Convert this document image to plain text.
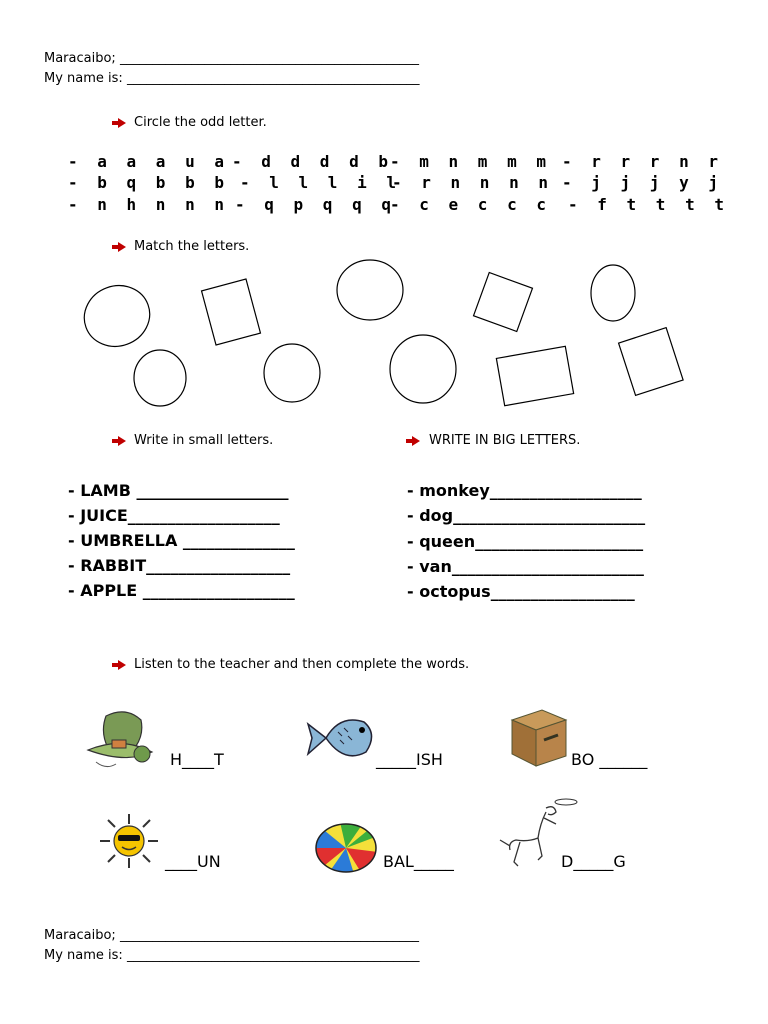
Maracaibo; ______________________________________________
My name is: _____________________________________________
Circle the odd letter.
- a a a u a - d d d d b
- m n m m m - r r r n r
- b q b b b - l l l i l
- r n n n n - j j j y j
- n h n n n - q p q q q
- c e c c c - f t t t t
Match the letters.
Write in small letters.	WRITE IN BIG LETTERS.
- LAMB ___________________
- JUICE___________________
- UMBRELLA ______________
- RABBIT__________________
- APPLE ___________________
- monkey___________________
- dog________________________
- queen_____________________
- van________________________
- octopus__________________
Listen to the teacher and then complete the words.
H____T	_____ISH	BO ______
____UN	BAL_____	D_____G
Maracaibo; ______________________________________________
My name is: _____________________________________________
